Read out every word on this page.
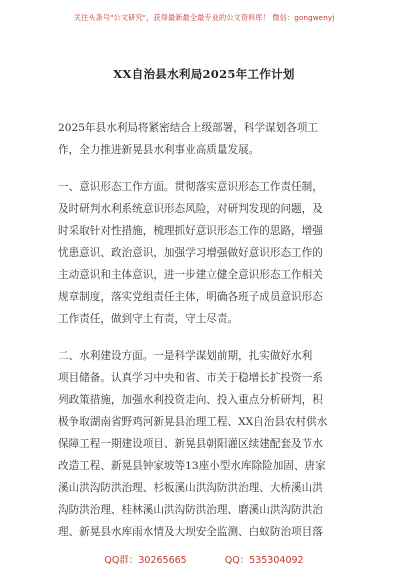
关注头条号"公文研究"，获得最新最全最专业的公文资料库！ 微信：gongwenyj
XX自治县水利局2025年工作计划
2025年县水利局将紧密结合上级部署，科学谋划各项工
作，全力推进新晃县水利事业高质量发展。
一、意识形态工作方面。贯彻落实意识形态工作责任制，
及时研判水利系统意识形态风险，对研判发现的问题，及
时采取针对性措施，梳理抓好意识形态工作的思路，增强
忧患意识、政治意识，加强学习增强做好意识形态工作的
主动意识和主体意识，进一步建立健全意识形态工作相关
规章制度，落实党组责任主体，明确各班子成员意识形态
工作责任，做到守土有责，守土尽责。
二、水利建设方面。一是科学谋划前期，扎实做好水利
项目储备。认真学习中央和省、市关于稳增长扩投资一系
列政策措施，加强水利投资走向、投入重点分析研判，积
极争取湖南省野鸡河新晃县治理工程、XX自治县农村供水
保障工程一期建设项目、新晃县朝阳灌区续建配套及节水
改造工程、新晃县钟家坡等13座小型水库除险加固、唐家
溪山洪沟防洪治理、杉板溪山洪沟防洪治理、大桥溪山洪
沟防洪治理、桂林溪山洪沟防洪治理、磨溪山洪沟防洪治
理、新晃县水库雨水情及大坝安全监测、白蚁防治项目落
QQ群：30265665	QQ：535304092
